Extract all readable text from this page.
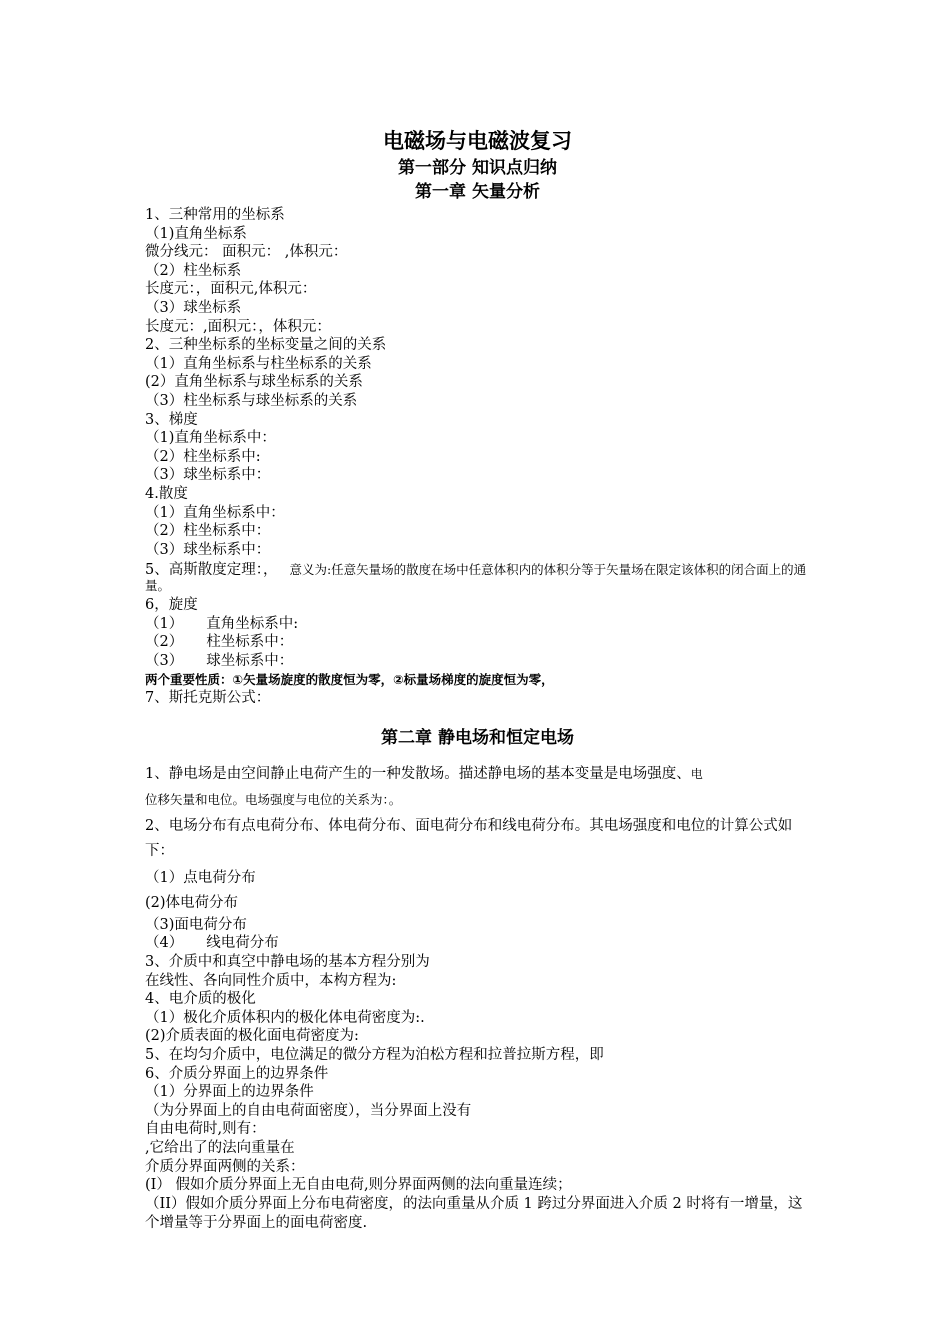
电磁场与电磁波复习

第一部分 知识点归纳

第一章 矢量分析

1、三种常用的坐标系

（1)直角坐标系

微分线元： 面积元： ,体积元：

（2）柱坐标系

长度元：，面积元,体积元：

（3）球坐标系

长度元：,面积元：，体积元：

2、三种坐标系的坐标变量之间的关系

（1）直角坐标系与柱坐标系的关系

(2）直角坐标系与球坐标系的关系

（3）柱坐标系与球坐标系的关系

3、梯度

（1)直角坐标系中：

（2）柱坐标系中:

（3）球坐标系中：

4.散度

（1）直角坐标系中：

（2）柱坐标系中：

（3）球坐标系中：

5、高斯散度定理：， 意义为:任意矢量场的散度在场中任意体积内的体积分等于矢量场在限定该体积的闭合面上的通量。

6，旋度

（1）     直角坐标系中:

（2）     柱坐标系中：

（3）     球坐标系中：

两个重要性质：①矢量场旋度的散度恒为零，②标量场梯度的旋度恒为零，

7、斯托克斯公式：

第二章 静电场和恒定电场

1、静电场是由空间静止电荷产生的一种发散场。描述静电场的基本变量是电场强度、电

位移矢量和电位。电场强度与电位的关系为：。

2、电场分布有点电荷分布、体电荷分布、面电荷分布和线电荷分布。其电场强度和电位的计算公式如下：

（1）点电荷分布

(2)体电荷分布

（3)面电荷分布

（4）     线电荷分布

3、介质中和真空中静电场的基本方程分别为

在线性、各向同性介质中，本构方程为:

4、电介质的极化

（1）极化介质体积内的极化体电荷密度为:.

(2)介质表面的极化面电荷密度为:

5、在均匀介质中，电位满足的微分方程为泊松方程和拉普拉斯方程，即

6、介质分界面上的边界条件

（1）分界面上的边界条件

（为分界面上的自由电荷面密度），当分界面上没有

自由电荷时,则有：

,它给出了的法向重量在

介质分界面两侧的关系：

(I） 假如介质分界面上无自由电荷,则分界面两侧的法向重量连续；

（II）假如介质分界面上分布电荷密度，的法向重量从介质 1 跨过分界面进入介质 2 时将有一增量，这个增量等于分界面上的面电荷密度.
